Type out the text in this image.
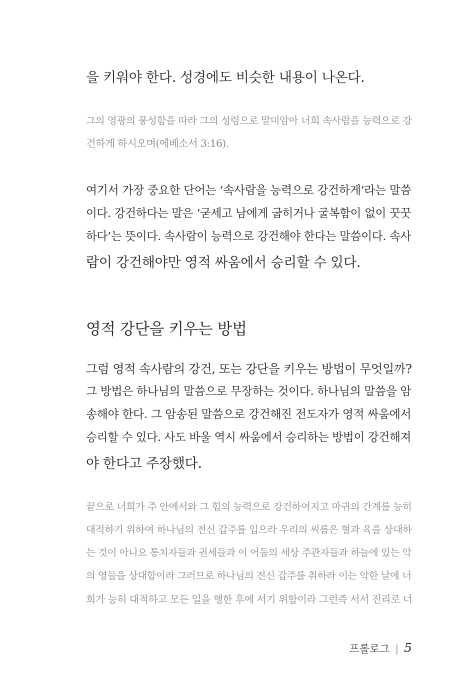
을 키워야 한다. 성경에도 비슷한 내용이 나온다.
그의 영광의 풍성함을 따라 그의 성령으로 말미암아 너희 속사람을 능력으로 강
건하게 하시오며(에베소서 3:16).
여기서 가장 중요한 단어는 ‘속사람을 능력으로 강건하게’라는 말씀
이다. 강건하다는 말은 ‘굳세고 남에게 굽히거나 굴복함이 없이 꿋꿋
하다’는 뜻이다. 속사람이 능력으로 강건해야 한다는 말씀이다. 속사
람이 강건해야만 영적 싸움에서 승리할 수 있다.
영적 강단을 키우는 방법
그럼 영적 속사람의 강건, 또는 강단을 키우는 방법이 무엇일까?
그 방법은 하나님의 말씀으로 무장하는 것이다. 하나님의 말씀을 암
송해야 한다. 그 암송된 말씀으로 강건해진 전도자가 영적 싸움에서
승리할 수 있다. 사도 바울 역시 싸움에서 승리하는 방법이 강건해져
야 한다고 주장했다.
끝으로 너희가 주 안에서와 그 힘의 능력으로 강건하여지고 마귀의 간계를 능히
대적하기 위하여 하나님의 전신 갑주를 입으라 우리의 씨름은 혈과 육을 상대하
는 것이 아니요 통치자들과 권세들과 이 어둠의 세상 주관자들과 하늘에 있는 악
의 영들을 상대함이라 그러므로 하나님의 전신 갑주를 취하라 이는 악한 날에 너
희가 능히 대적하고 모든 일을 행한 후에 서기 위함이라 그런즉 서서 진리로 너
프롤로그 | 5
